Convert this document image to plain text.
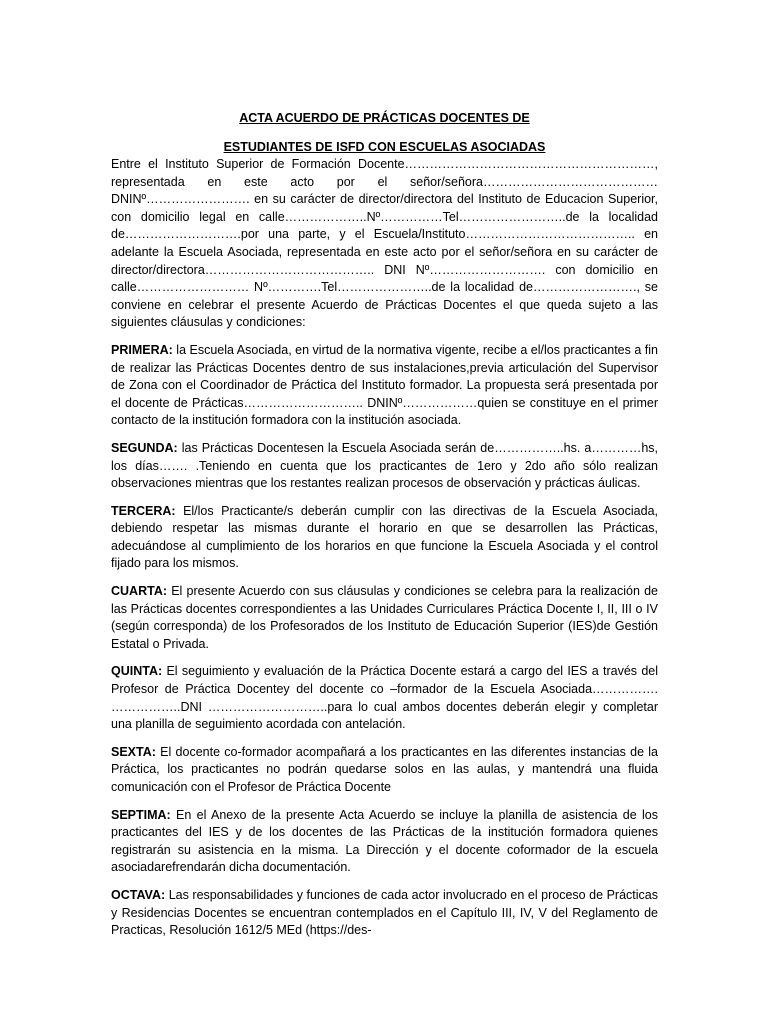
ACTA ACUERDO DE PRÁCTICAS DOCENTES DE

ESTUDIANTES DE ISFD CON ESCUELAS ASOCIADAS

Entre el Instituto Superior de Formación Docente……………………………………………………, representada en este acto por el señor/señora…………………………………… DNINº……………………. en su carácter de director/directora del Instituto de Educacion Superior, con domicilio legal en calle………………..Nº……………Tel……………………..de la localidad de……………………….por una parte, y el Escuela/Instituto………………………………….. en adelante la Escuela Asociada, representada en este acto por el señor/señora en su carácter de director/directora………………………………….. DNI Nº………………………. con domicilio en calle……………………… Nº………….Tel…………………..de la localidad de……………………., se conviene en celebrar el presente Acuerdo de Prácticas Docentes el que queda sujeto a las siguientes cláusulas y condiciones:

PRIMERA: la Escuela Asociada, en virtud de la normativa vigente, recibe a el/los practicantes a fin de realizar las Prácticas Docentes dentro de sus instalaciones,previa articulación del Supervisor de Zona con el Coordinador de Práctica del Instituto formador. La propuesta será presentada por el docente de Prácticas……………………….. DNINº………………quien se constituye en el primer contacto de la institución formadora con la institución asociada.

SEGUNDA: las Prácticas Docentesen la Escuela Asociada serán de……………..hs. a…………hs, los días……. .Teniendo en cuenta que los practicantes de 1ero y 2do año sólo realizan observaciones mientras que los restantes realizan procesos de observación y prácticas áulicas.

TERCERA: El/los Practicante/s deberán cumplir con las directivas de la Escuela Asociada, debiendo respetar las mismas durante el horario en que se desarrollen las Prácticas, adecuándose al cumplimiento de los horarios en que funcione la Escuela Asociada y el control fijado para los mismos.

CUARTA: El presente Acuerdo con sus cláusulas y condiciones se celebra para la realización de las Prácticas docentes correspondientes a las Unidades Curriculares Práctica Docente I, II, III o IV (según corresponda) de los Profesorados de los Instituto de Educación Superior (IES)de Gestión Estatal o Privada.

QUINTA: El seguimiento y evaluación de la Práctica Docente estará a cargo del IES a través del Profesor de Práctica Docentey del docente co –formador de la Escuela Asociada……………. ……………..DNI ………………………..para lo cual ambos docentes deberán elegir y completar una planilla de seguimiento acordada con antelación.

SEXTA: El docente co-formador acompañará a los practicantes en las diferentes instancias de la Práctica, los practicantes no podrán quedarse solos en las aulas, y mantendrá una fluida comunicación con el Profesor de Práctica Docente

SEPTIMA: En el Anexo de la presente Acta Acuerdo se incluye la planilla de asistencia de los practicantes del IES y de los docentes de las Prácticas de la institución formadora quienes registrarán su asistencia en la misma. La Dirección y el docente coformador de la escuela asociadarefrendarán dicha documentación.

OCTAVA: Las responsabilidades y funciones de cada actor involucrado en el proceso de Prácticas y Residencias Docentes se encuentran contemplados en el Capítulo III, IV, V del Reglamento de Practicas, Resolución 1612/5 MEd (https://des-
